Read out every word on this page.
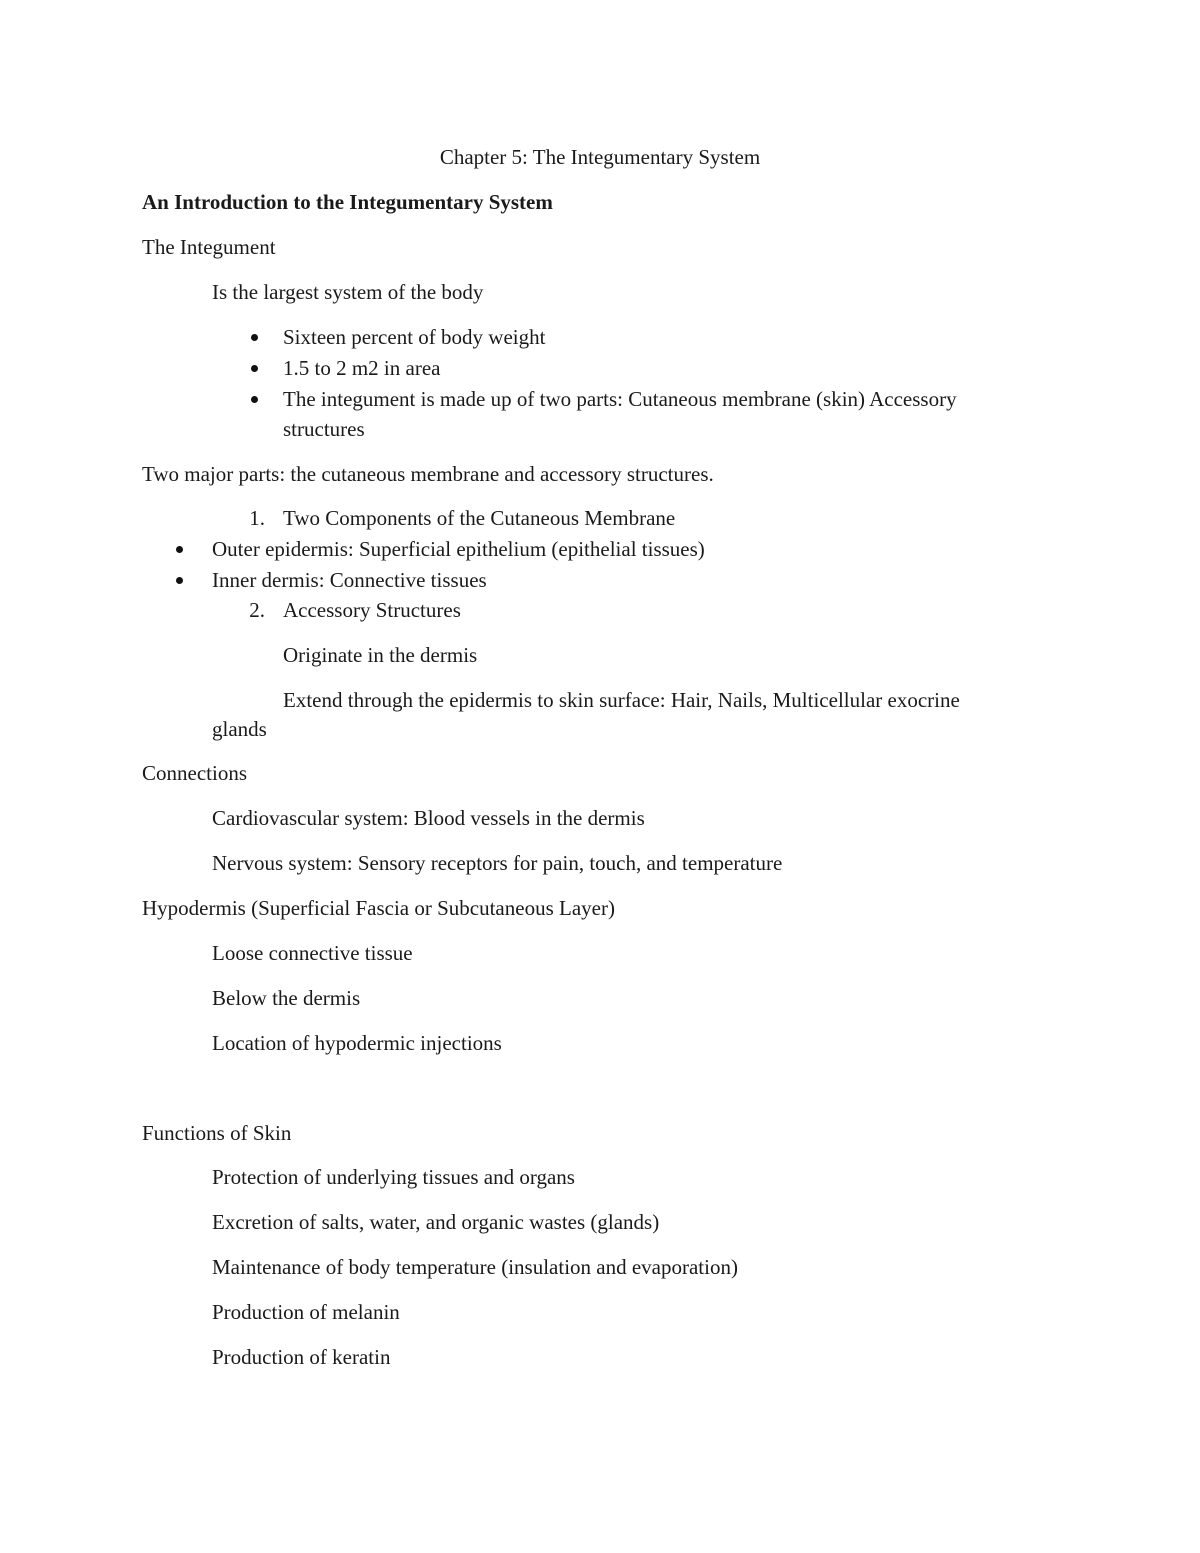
Chapter 5: The Integumentary System
An Introduction to the Integumentary System
The Integument
Is the largest system of the body
Sixteen percent of body weight
1.5 to 2 m2 in area
The integument is made up of two parts: Cutaneous membrane (skin) Accessory
structures
Two major parts: the cutaneous membrane and accessory structures.
1. Two Components of the Cutaneous Membrane
Outer epidermis: Superficial epithelium (epithelial tissues)
Inner dermis: Connective tissues
2. Accessory Structures
Originate in the dermis
Extend through the epidermis to skin surface: Hair, Nails, Multicellular exocrine
glands
Connections
Cardiovascular system: Blood vessels in the dermis
Nervous system: Sensory receptors for pain, touch, and temperature
Hypodermis (Superficial Fascia or Subcutaneous Layer)
Loose connective tissue
Below the dermis
Location of hypodermic injections
Functions of Skin
Protection of underlying tissues and organs
Excretion of salts, water, and organic wastes (glands)
Maintenance of body temperature (insulation and evaporation)
Production of melanin
Production of keratin
